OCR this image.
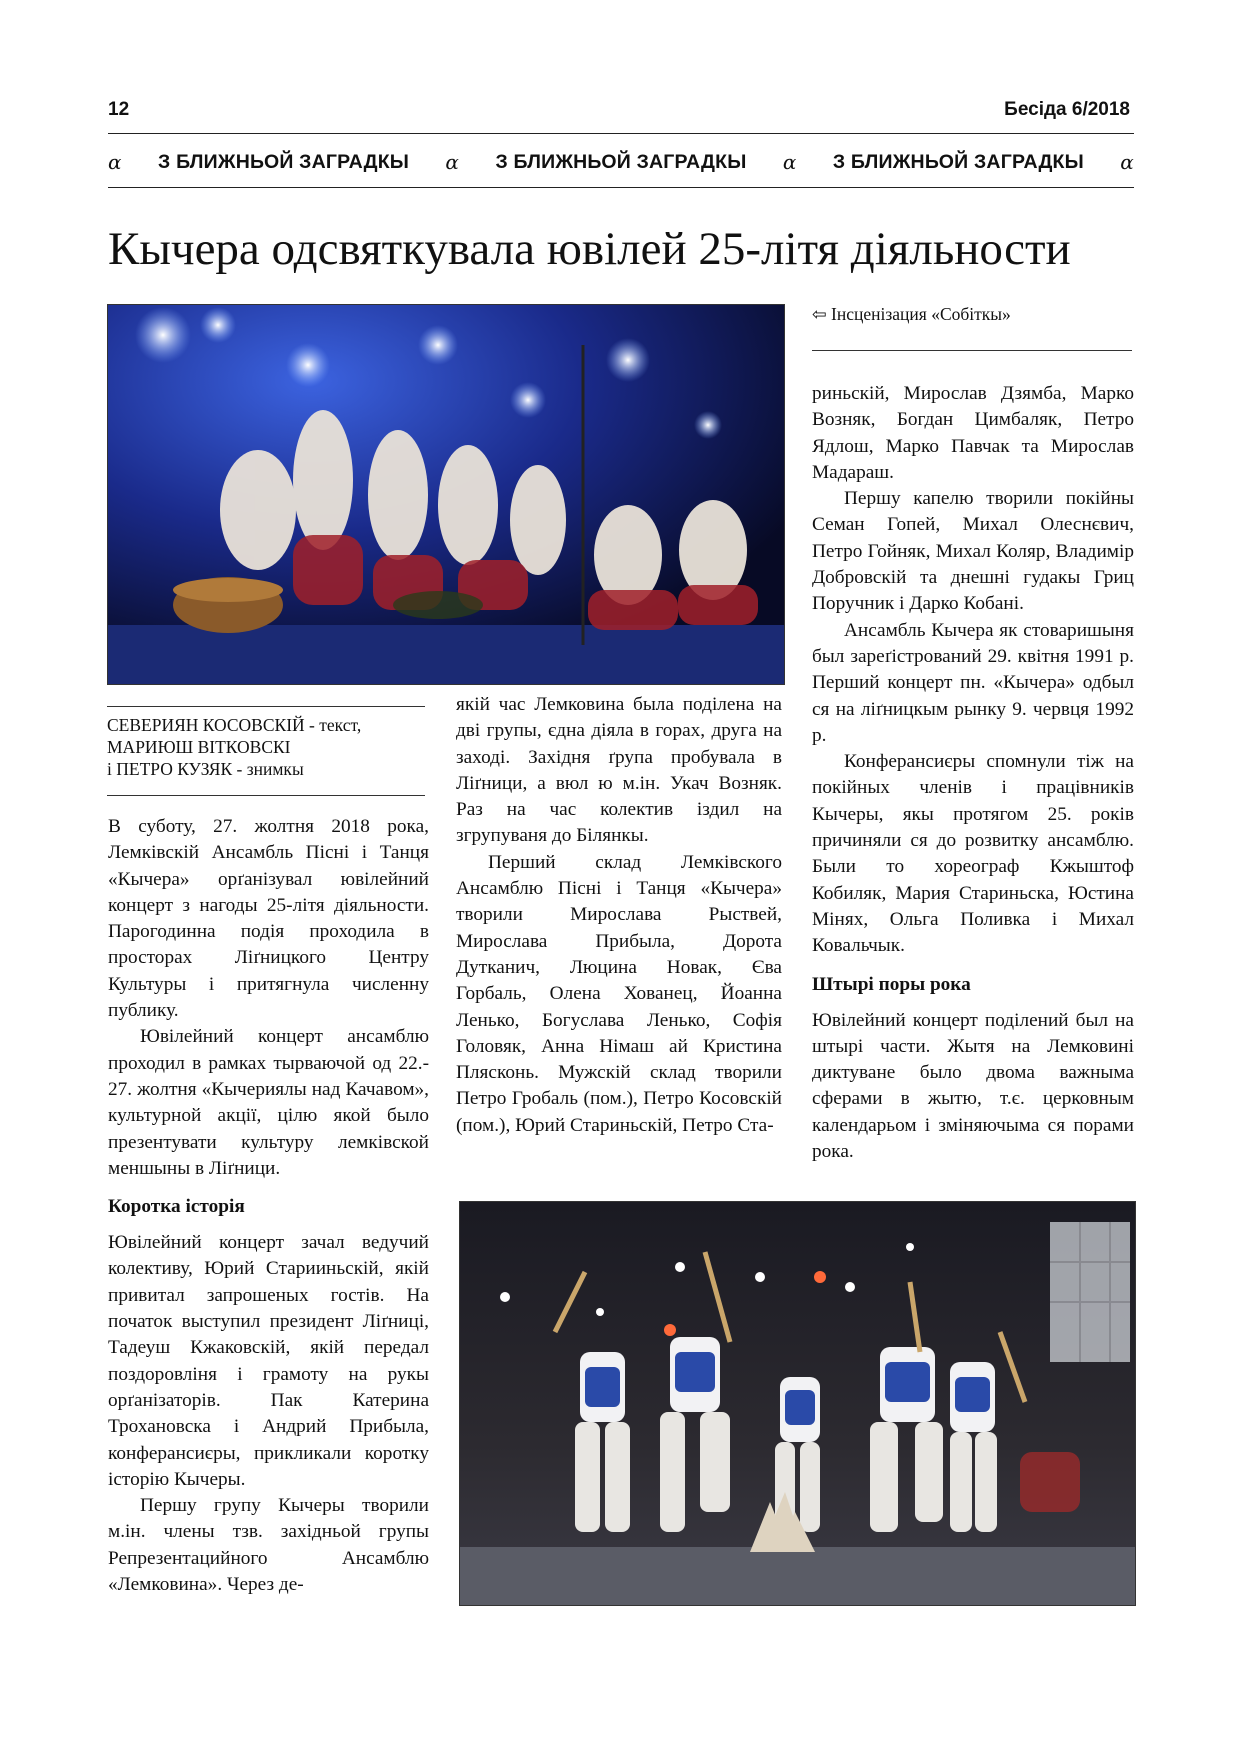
12	Бесіда 6/2018
ɑ З БЛИЖНЬОЙ ЗАГРАДКЫ ɑ З БЛИЖНЬОЙ ЗАГРАДКЫ ɑ З БЛИЖНЬОЙ ЗАГРАДКЫ ɑ
Кычера одсвяткувала ювілей 25-літя діяльности
⇦ Інсценізация «Собіткы»
СЕВЕРИЯН КОСОВСКІЙ - текст,
МАРИЮШ ВІТКОВСКІ
і ПЕТРО КУЗЯК - знимкы

В суботу, 27. жолтня 2018 рока, Лемківскій Ансамбль Пісні і Танця «Кычера» орґанізувал ювілейний концерт з нагоды 25-літя діяльности. Парогодинна подія проходила в просторах Ліґницкого Центру Культуры і притягнула численну публику.

Ювілейний концерт ансамблю проходил в рамках тырваючой од 22.- 27. жолтня «Кычериялы над Качавом», культурной акції, цілю якой было презентувати культуру лемківской меншыны в Ліґници.

Коротка історія

Ювілейний концерт зачал ведучий колективу, Юрий Старииньскій, якій привитал запрошеных гостів. На початок выступил президент Ліґниці, Тадеуш Кжаковскій, якій передал поздоровліня і грамоту на рукы орґанізаторів. Пак Катерина Трохановска і Андрий Прибыла, конферансиєры, прикликали коротку історію Кычеры.

Першу групу Кычеры творили м.ін. члены тзв. західньой групы Репрезентацийного Ансамблю «Лемковина». Через де-

якій час Лемковина была поділена на дві групы, єдна діяла в горах, друга на заході. Західня ґрупа пробувала в Ліґници, а вюл ю м.ін. Укач Возняк. Раз на час колектив іздил на згрупуваня до Білянкы.

Перший склад Лемківского Ансамблю Пісні і Танця «Кычера» творили Мирослава Рыствей, Мирослава Прибыла, Дорота Дутканич, Люцина Новак, Єва Горбаль, Олена Хованец, Йоанна Ленько, Богуслава Ленько, Софія Головяк, Анна Німаш ай Кристина Плясконь. Мужскій склад творили Петро Гробаль (пом.), Петро Косовскій (пом.), Юрий Стариньскій, Петро Ста-

риньскій, Мирослав Дзямба, Марко Возняк, Богдан Цимбаляк, Петро Ядлош, Марко Павчак та Мирослав Мадараш.

Першу капелю творили покійны Семан Гопей, Михал Олеснєвич, Петро Гойняк, Михал Коляр, Владимір Добровскій та днешні гудакы Гриц Поручник і Дарко Кобані.

Ансамбль Кычера як стоваришыня был зареґістрований 29. квітня 1991 р. Перший концерт пн. «Кычера» одбыл ся на ліґницкым рынку 9. червця 1992 р.

Конферансиєры спомнули тіж на покійных членів і працівників Кычеры, якы протягом 25. років причиняли ся до розвитку ансамблю. Были то хореограф Кжыштоф Кобиляк, Мария Стариньска, Юстина Мінях, Ольга Поливка і Михал Ковальчык.

Штырі поры рока

Ювілейний концерт поділений был на штырі части. Жытя на Лемковині диктуване было двома важныма сферами в жытю, т.є. церковным календарьом і зміняючыма ся порами рока.
